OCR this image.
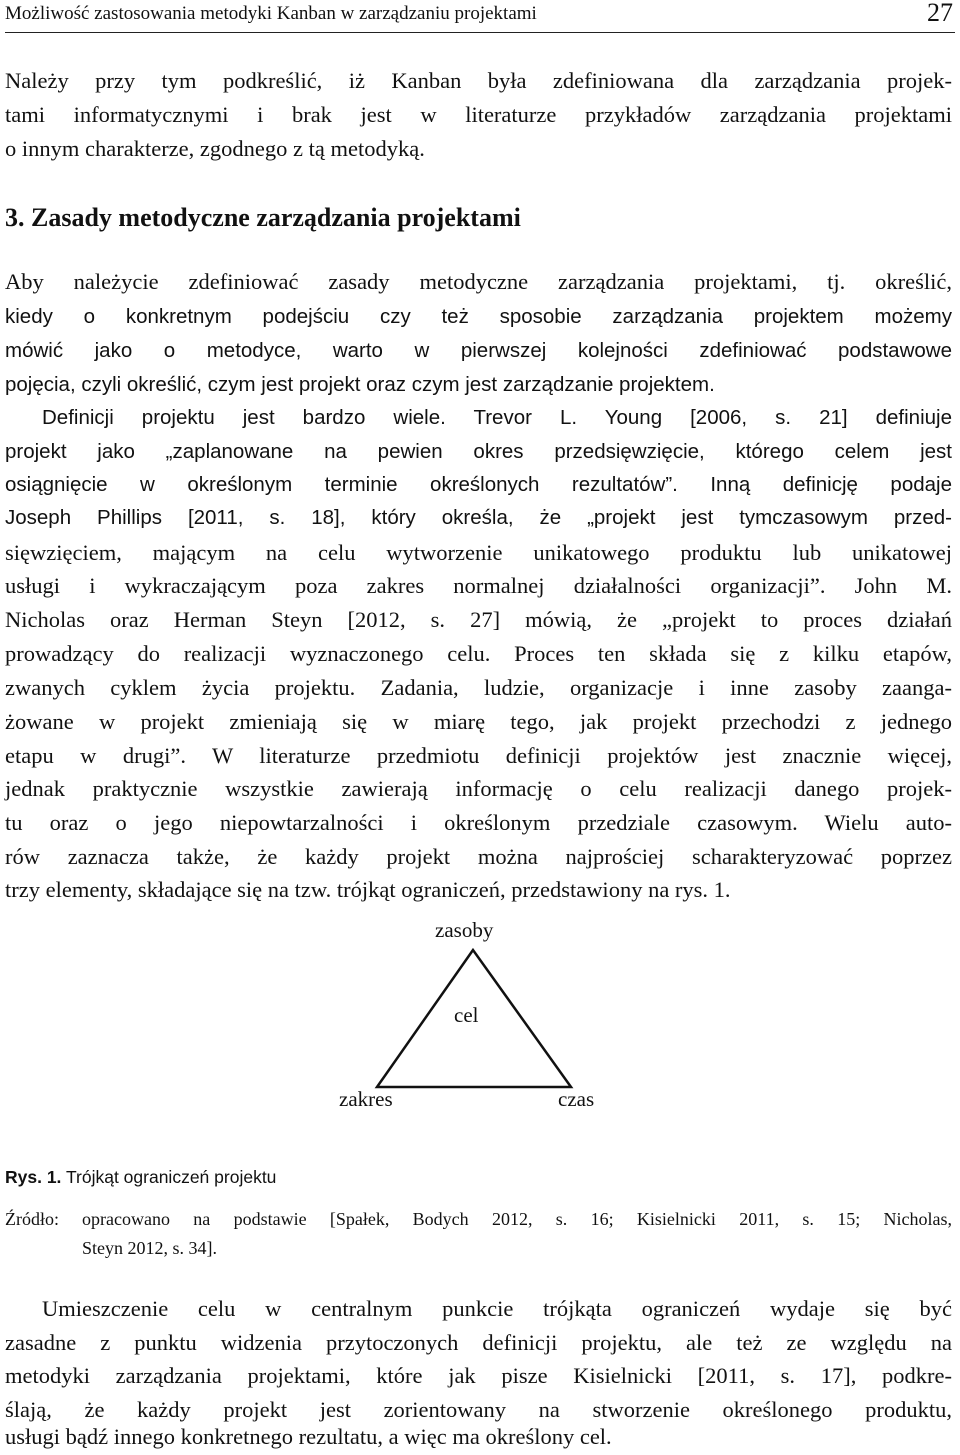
Możliwość zastosowania metodyki Kanban w zarządzaniu projektami	27
Należy przy tym podkreślić, iż Kanban była zdefiniowana dla zarządzania projek-
tami informatycznymi i brak jest w literaturze przykładów zarządzania projektami
o innym charakterze, zgodnego z tą metodyką.
3. Zasady metodyczne zarządzania projektami
Aby należycie zdefiniować zasady metodyczne zarządzania projektami, tj. określić,
kiedy o konkretnym podejściu czy też sposobie zarządzania projektem możemy
mówić jako o metodyce, warto w pierwszej kolejności zdefiniować podstawowe
pojęcia, czyli określić, czym jest projekt oraz czym jest zarządzanie projektem.
Definicji projektu jest bardzo wiele. Trevor L. Young [2006, s. 21] definiuje
projekt jako „zaplanowane na pewien okres przedsięwzięcie, którego celem jest
osiągnięcie w określonym terminie określonych rezultatów”. Inną definicję podaje
Joseph Phillips [2011, s. 18], który określa, że „projekt jest tymczasowym przed-
sięwzięciem, mającym na celu wytworzenie unikatowego produktu lub unikatowej
usługi i wykraczającym poza zakres normalnej działalności organizacji”. John M.
Nicholas oraz Herman Steyn [2012, s. 27] mówią, że „projekt to proces działań
prowadzący do realizacji wyznaczonego celu. Proces ten składa się z kilku etapów,
zwanych cyklem życia projektu. Zadania, ludzie, organizacje i inne zasoby zaanga-
żowane w projekt zmieniają się w miarę tego, jak projekt przechodzi z jednego
etapu w drugi”. W literaturze przedmiotu definicji projektów jest znacznie więcej,
jednak praktycznie wszystkie zawierają informację o celu realizacji danego projek-
tu oraz o jego niepowtarzalności i określonym przedziale czasowym. Wielu auto-
rów zaznacza także, że każdy projekt można najprościej scharakteryzować poprzez
trzy elementy, składające się na tzw. trójkąt ograniczeń, przedstawiony na rys. 1.
zasoby
cel
zakres	czas
Rys. 1. Trójkąt ograniczeń projektu
Źródło: opracowano na podstawie [Spałek, Bodych 2012, s. 16; Kisielnicki 2011, s. 15; Nicholas,
Steyn 2012, s. 34].
Umieszczenie celu w centralnym punkcie trójkąta ograniczeń wydaje się być
zasadne z punktu widzenia przytoczonych definicji projektu, ale też ze względu na
metodyki zarządzania projektami, które jak pisze Kisielnicki [2011, s. 17], podkre-
ślają, że każdy projekt jest zorientowany na stworzenie określonego produktu,
usługi bądź innego konkretnego rezultatu, a więc ma określony cel.
